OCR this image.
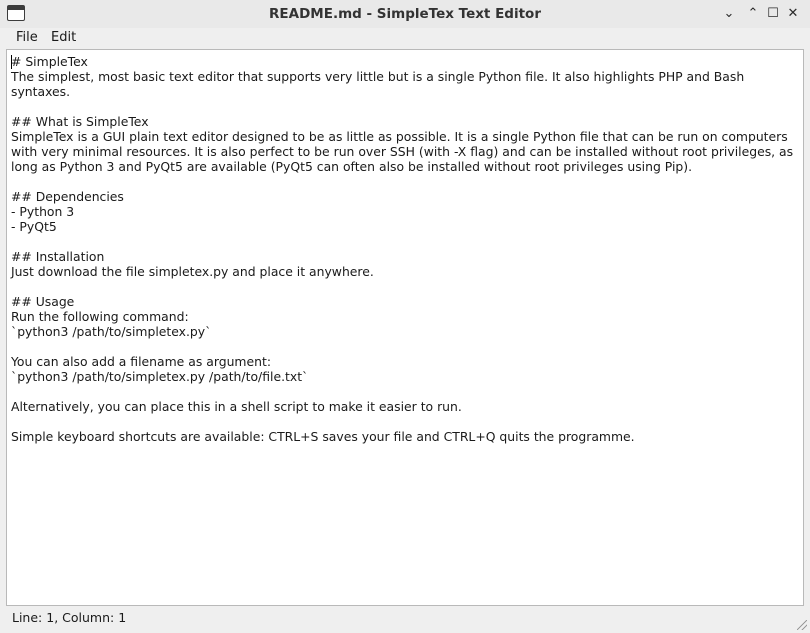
README.md - SimpleTex Text Editor	⌄	⌃ ☐ ✕
File	Edit
# SimpleTex
The simplest, most basic text editor that supports very little but is a single Python file. It also highlights PHP and Bash syntaxes.

## What is SimpleTex
SimpleTex is a GUI plain text editor designed to be as little as possible. It is a single Python file that can be run on computers with very minimal resources. It is also perfect to be run over SSH (with -X flag) and can be installed without root privileges, as long as Python 3 and PyQt5 are available (PyQt5 can often also be installed without root privileges using Pip).

## Dependencies
- Python 3
- PyQt5

## Installation
Just download the file simpletex.py and place it anywhere.

## Usage
Run the following command:
`python3 /path/to/simpletex.py`

You can also add a filename as argument:
`python3 /path/to/simpletex.py /path/to/file.txt`

Alternatively, you can place this in a shell script to make it easier to run.

Simple keyboard shortcuts are available: CTRL+S saves your file and CTRL+Q quits the programme.
Line: 1, Column: 1
